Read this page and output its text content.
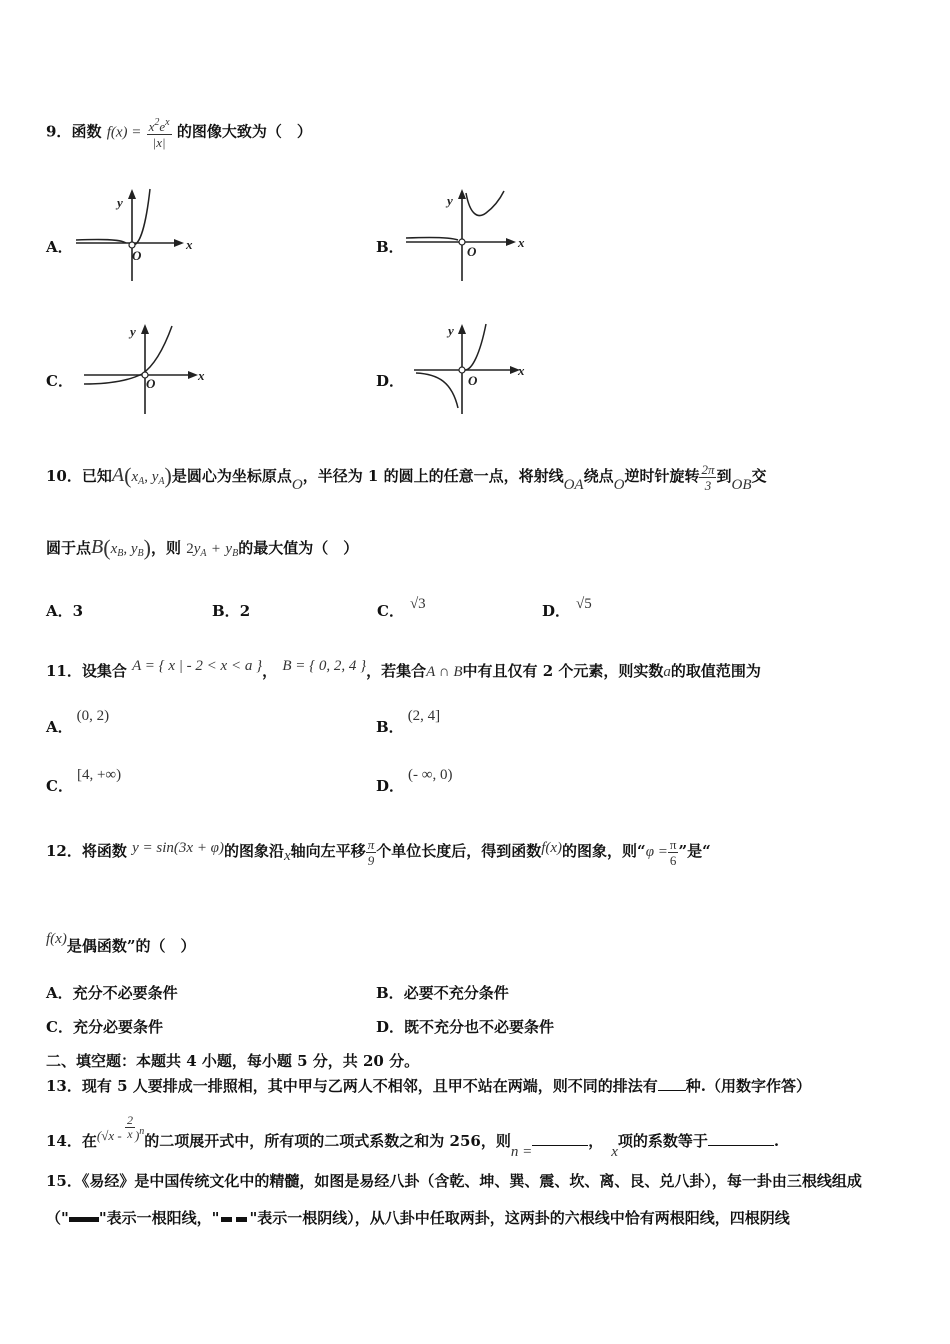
9．函数 $f(x) = \frac{x^2e^x}{|x|}$ 的图像大致为（　）
A．
y
x
O	B．
y
x
O
C．
y
x
O	D．
y
x
O
10．已知$A(x_A$, $y_A$)是圆心为坐标原点O，半径为 1 的圆上的任意一点，将射线OA绕点O逆时针旋转 $\frac{2\pi}{3}$ 到OB交
圆于点$B(x_B$, $y_B$)，则 $2y_A + y_B$的最大值为（　）
A．3	B．2	C． √3	D． √5
11．设集合 A = { x | - 2 < x < a }， B = { 0, 2, 4 }，若集合A ∩ B中有且仅有 2 个元素，则实数a的取值范围为
A．(0, 2)
B．(2, 4]
C．[4, +∞)
D．(- ∞, 0)
12．将函数 y = sin(3x + φ)的图象沿x轴向左平移 $\frac{\pi}{9}$ 个单位长度后，得到函数f(x)的图象，则“$\varphi = \frac{\pi}{6}$ ”是“
f(x)是偶函数”的（　）
A．充分不必要条件	B．必要不充分条件
C．充分必要条件	D．既不充分也不必要条件
二、填空题：本题共 4 小题，每小题 5 分，共 20 分。
13．现有 5 人要排成一排照相，其中甲与乙两人不相邻，且甲不站在两端，则不同的排法有 种.（用数字作答）
14．在$(√x - \frac{2}{x} )^n$的二项展开式中，所有项的二项式系数之和为 256，则n =，x项的系数等于	.
15．《易经》是中国传统文化中的精髓，如图是易经八卦（含乾、坤、巽、震、坎、离、艮、兑八卦），每一卦由三根线组成
（" "表示一根阳线，" "表示一根阴线），从八卦中任取两卦，这两卦的六根线中恰有两根阳线，四根阴线
